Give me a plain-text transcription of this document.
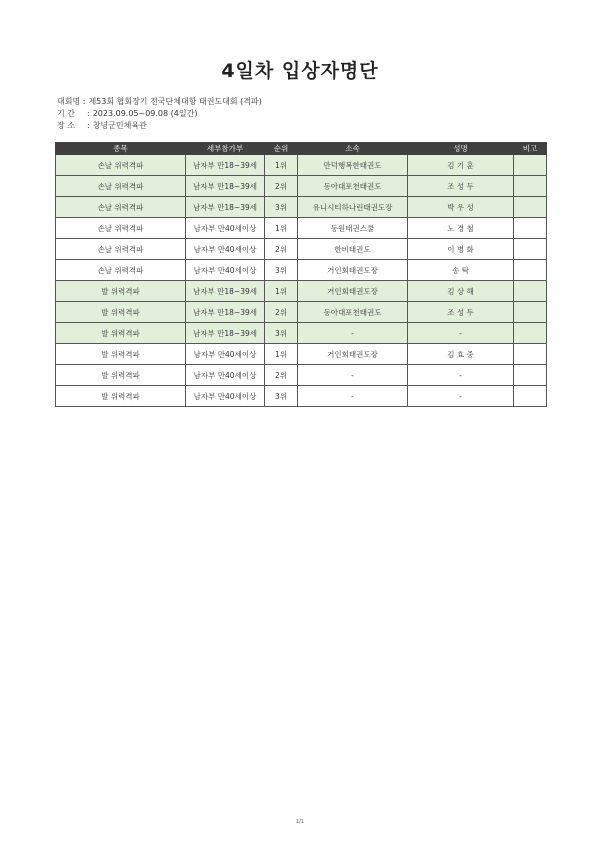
4일차 입상자명단
대회명 : 제53회 협회장기 전국단체대항 태권도대회 (격파)
기 간	: 2023.09.05~09.08 (4일간)
장 소	: 창녕군민체육관
종목	세부참가부	순위	소속	성명	비고
손날 위력격파	남자부 만18~39세	1위	만덕행복한태권도	김 기 훈	
손날 위력격파	남자부 만18~39세	2위	동아대포천태권도	조 성 두	
손날 위력격파	남자부 만18~39세	3위	유니시티하나린태권도장	박 우 성	
손날 위력격파	남자부 만40세이상	1위	동원태권스쿨	노 경 철	
손날 위력격파	남자부 만40세이상	2위	한비태권도	이 병 화	
손날 위력격파	남자부 만40세이상	3위	거인회태권도장	송 탁	
발 위력격파	남자부 만18~39세	1위	거인회태권도장	김 상 해	
발 위력격파	남자부 만18~39세	2위	동아대포천태권도	조 성 두	
발 위력격파	남자부 만18~39세	3위	-	-	
발 위력격파	남자부 만40세이상	1위	거인회태권도장	김 효 중	
발 위력격파	남자부 만40세이상	2위	-	-	
발 위력격파	남자부 만40세이상	3위	-	-	
1/1
